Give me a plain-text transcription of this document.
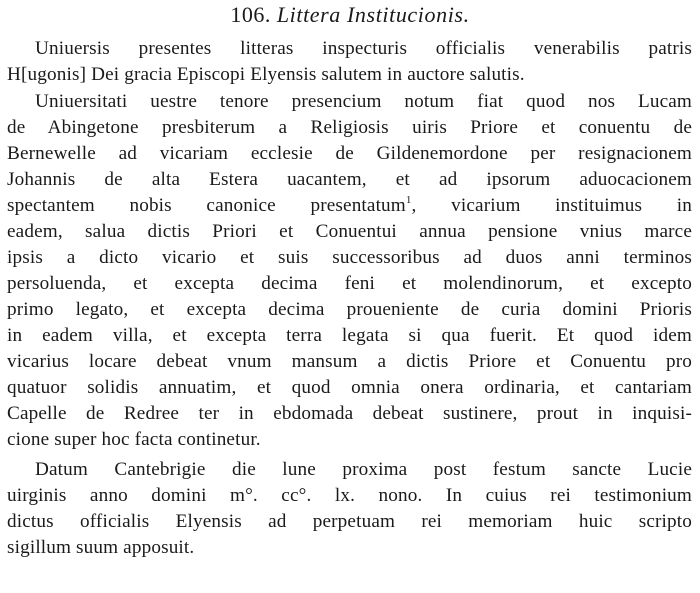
106. Littera Institucionis.
Uniuersis presentes litteras inspecturis officialis venerabilis patris
H[ugonis] Dei gracia Episcopi Elyensis salutem in auctore salutis.
Uniuersitati uestre tenore presencium notum fiat quod nos Lucam
de Abingetone presbiterum a Religiosis uiris Priore et conuentu de
Bernewelle ad vicariam ecclesie de Gildenemordone per resignacionem
Johannis de alta Estera uacantem, et ad ipsorum aduocacionem
spectantem nobis canonice presentatum$^1$, vicarium instituimus in
eadem, salua dictis Priori et Conuentui annua pensione vnius marce
ipsis a dicto vicario et suis successoribus ad duos anni terminos
persoluenda, et excepta decima feni et molendinorum, et excepto
primo legato, et excepta decima proueniente de curia domini Prioris
in eadem villa, et excepta terra legata si qua fuerit. Et quod idem
vicarius locare debeat vnum mansum a dictis Priore et Conuentu pro
quatuor solidis annuatim, et quod omnia onera ordinaria, et cantariam
Capelle de Redree ter in ebdomada debeat sustinere, prout in inquisi-
cione super hoc facta continetur.
Datum Cantebrigie die lune proxima post festum sancte Lucie
uirginis anno domini m°. cc°. lx. nono. In cuius rei testimonium
dictus officialis Elyensis ad perpetuam rei memoriam huic scripto
sigillum suum apposuit.
